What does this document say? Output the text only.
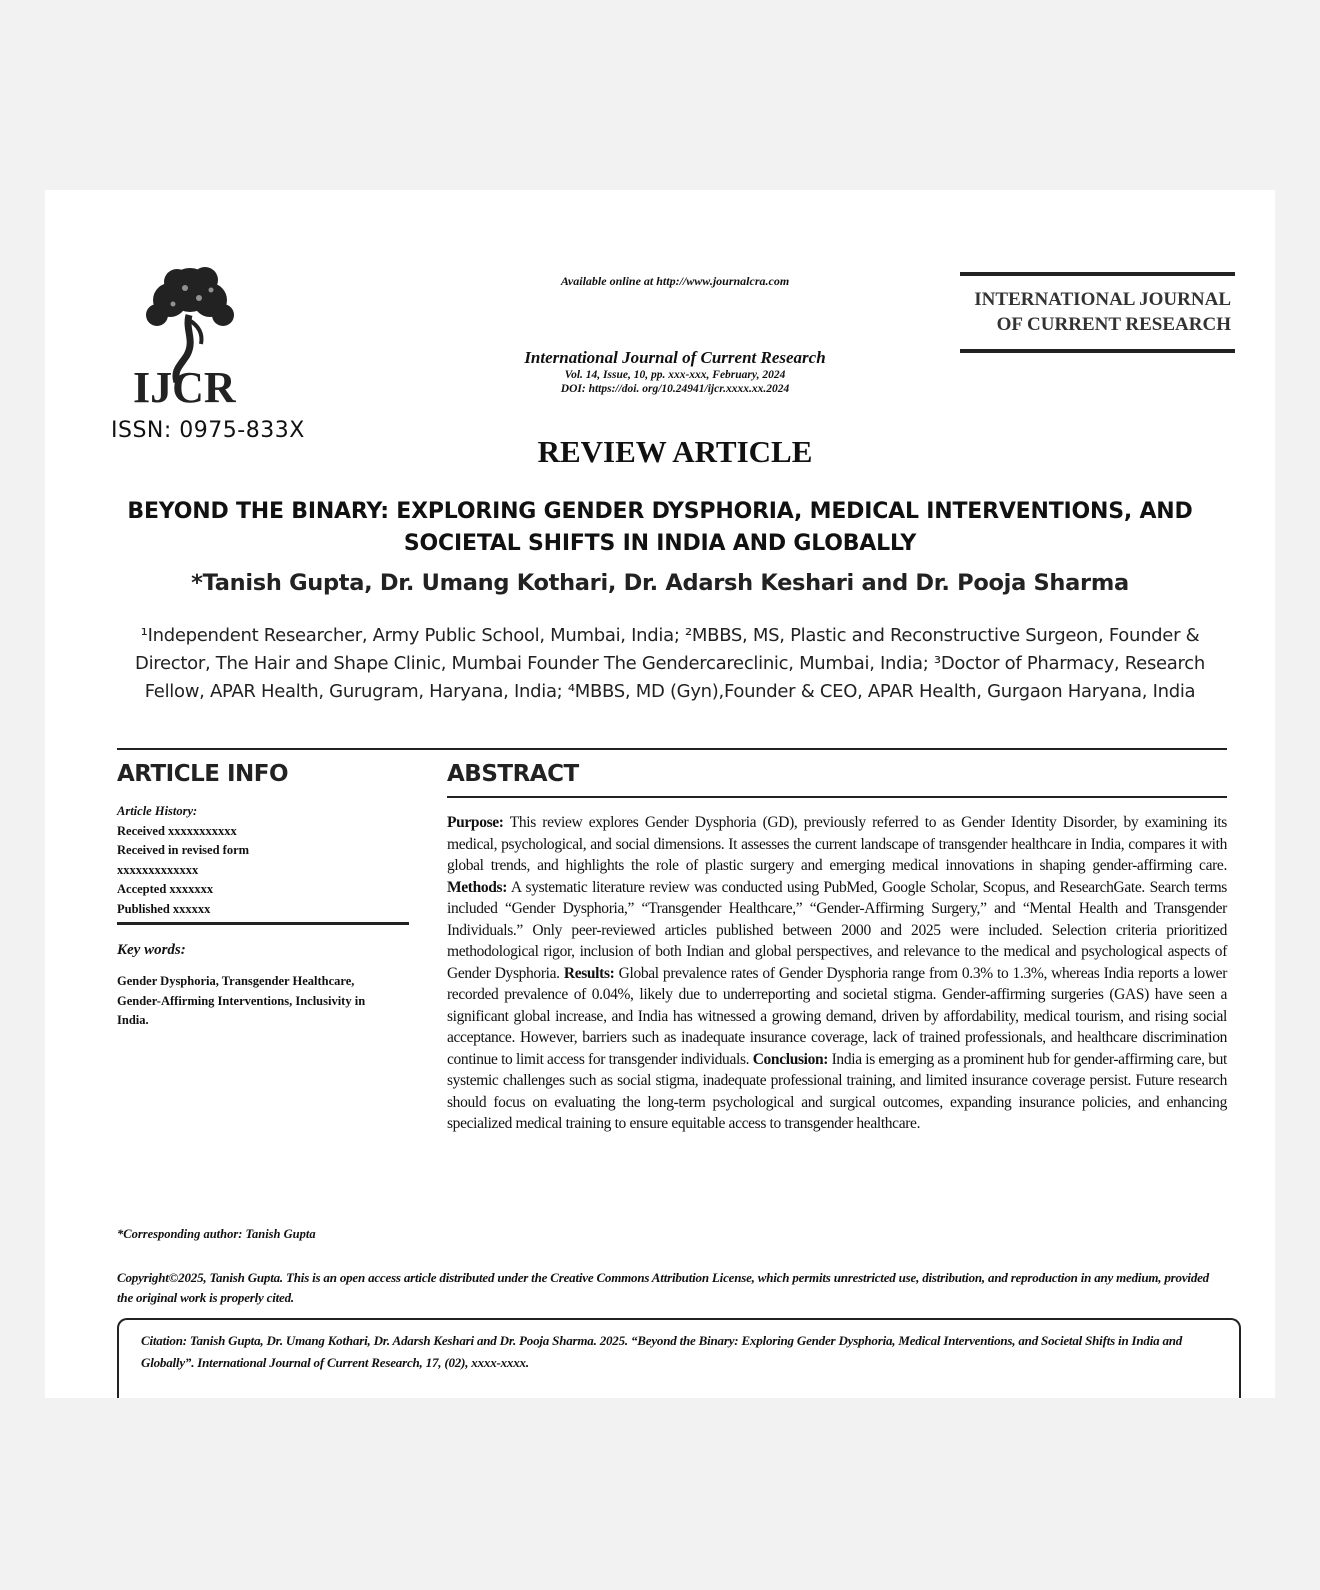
IJCR
ISSN: 0975-833X
Available online at http://www.journalcra.com
International Journal of Current Research
Vol. 14, Issue, 10, pp. xxx-xxx, February, 2024
DOI: https://doi. org/10.24941/ijcr.xxxx.xx.2024
INTERNATIONAL JOURNAL
OF CURRENT RESEARCH
REVIEW ARTICLE
BEYOND THE BINARY: EXPLORING GENDER DYSPHORIA, MEDICAL INTERVENTIONS, AND SOCIETAL SHIFTS IN INDIA AND GLOBALLY
*Tanish Gupta, Dr. Umang Kothari, Dr. Adarsh Keshari and Dr. Pooja Sharma
¹Independent Researcher, Army Public School, Mumbai, India; ²MBBS, MS, Plastic and Reconstructive Surgeon, Founder & Director, The Hair and Shape Clinic, Mumbai Founder The Gendercareclinic, Mumbai, India; ³Doctor of Pharmacy, Research Fellow, APAR Health, Gurugram, Haryana, India; ⁴MBBS, MD (Gyn),Founder & CEO, APAR Health, Gurgaon Haryana, India
ARTICLE INFO
Article History:
Received xxxxxxxxxxx
Received in revised form
xxxxxxxxxxxxx
Accepted xxxxxxx
Published xxxxxx
Key words:
Gender Dysphoria, Transgender Healthcare, Gender-Affirming Interventions, Inclusivity in India.
*Corresponding author: Tanish Gupta
ABSTRACT
Purpose: This review explores Gender Dysphoria (GD), previously referred to as Gender Identity Disorder, by examining its medical, psychological, and social dimensions. It assesses the current landscape of transgender healthcare in India, compares it with global trends, and highlights the role of plastic surgery and emerging medical innovations in shaping gender-affirming care. Methods: A systematic literature review was conducted using PubMed, Google Scholar, Scopus, and ResearchGate. Search terms included “Gender Dysphoria,” “Transgender Healthcare,” “Gender-Affirming Surgery,” and “Mental Health and Transgender Individuals.” Only peer-reviewed articles published between 2000 and 2025 were included. Selection criteria prioritized methodological rigor, inclusion of both Indian and global perspectives, and relevance to the medical and psychological aspects of Gender Dysphoria. Results: Global prevalence rates of Gender Dysphoria range from 0.3% to 1.3%, whereas India reports a lower recorded prevalence of 0.04%, likely due to underreporting and societal stigma. Gender-affirming surgeries (GAS) have seen a significant global increase, and India has witnessed a growing demand, driven by affordability, medical tourism, and rising social acceptance. However, barriers such as inadequate insurance coverage, lack of trained professionals, and healthcare discrimination continue to limit access for transgender individuals. Conclusion: India is emerging as a prominent hub for gender-affirming care, but systemic challenges such as social stigma, inadequate professional training, and limited insurance coverage persist. Future research should focus on evaluating the long-term psychological and surgical outcomes, expanding insurance policies, and enhancing specialized medical training to ensure equitable access to transgender healthcare.
Copyright©2025, Tanish Gupta. This is an open access article distributed under the Creative Commons Attribution License, which permits unrestricted use, distribution, and reproduction in any medium, provided the original work is properly cited.
Citation: Tanish Gupta, Dr. Umang Kothari, Dr. Adarsh Keshari and Dr. Pooja Sharma. 2025. “Beyond the Binary: Exploring Gender Dysphoria, Medical Interventions, and Societal Shifts in India and Globally”. International Journal of Current Research, 17, (02), xxxx-xxxx.
